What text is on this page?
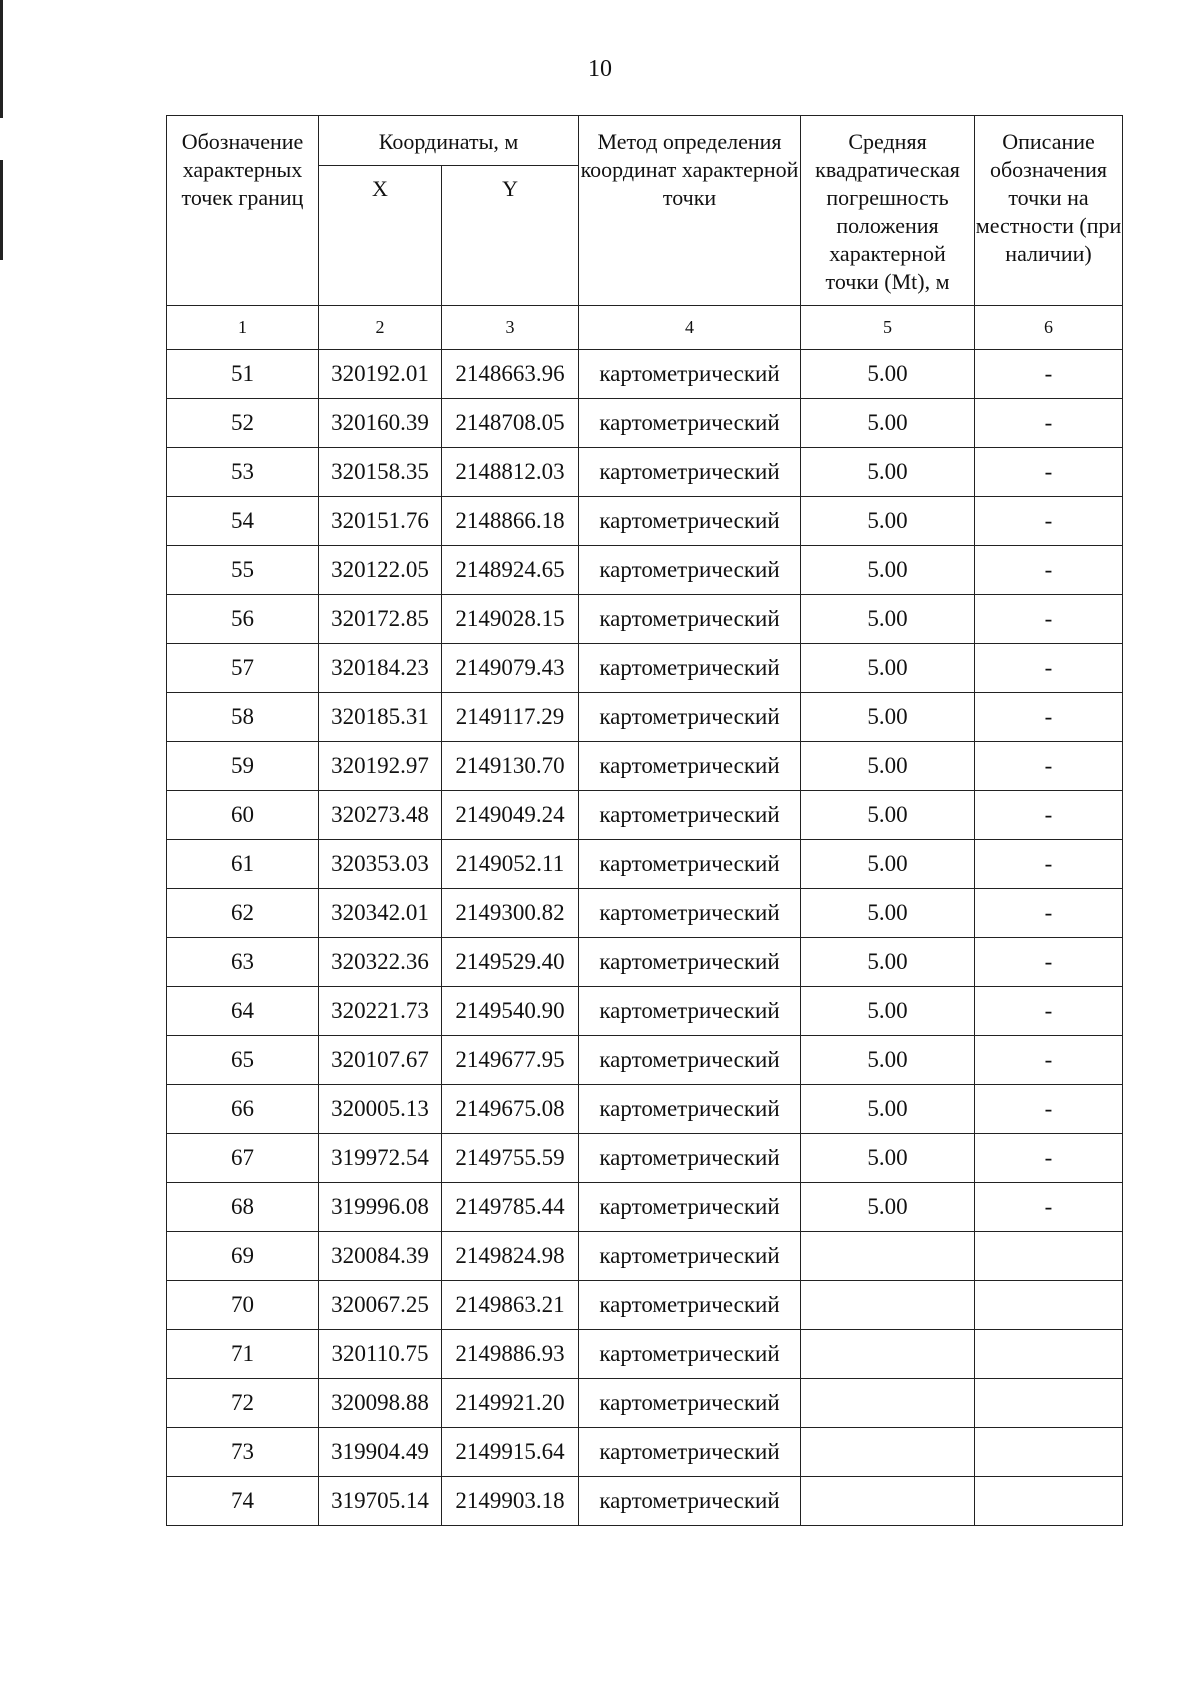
10
Обозначение характерных точек границ	Координаты, м		Метод определения координат характерной точки	Средняя квадратическая погрешность положения характерной точки (Mt), м	Описание обозначения точки на местности (при наличии)
	X	Y			
1	2	3	4	5	6
51	320192.01	2148663.96	картометрический	5.00	-
52	320160.39	2148708.05	картометрический	5.00	-
53	320158.35	2148812.03	картометрический	5.00	-
54	320151.76	2148866.18	картометрический	5.00	-
55	320122.05	2148924.65	картометрический	5.00	-
56	320172.85	2149028.15	картометрический	5.00	-
57	320184.23	2149079.43	картометрический	5.00	-
58	320185.31	2149117.29	картометрический	5.00	-
59	320192.97	2149130.70	картометрический	5.00	-
60	320273.48	2149049.24	картометрический	5.00	-
61	320353.03	2149052.11	картометрический	5.00	-
62	320342.01	2149300.82	картометрический	5.00	-
63	320322.36	2149529.40	картометрический	5.00	-
64	320221.73	2149540.90	картометрический	5.00	-
65	320107.67	2149677.95	картометрический	5.00	-
66	320005.13	2149675.08	картометрический	5.00	-
67	319972.54	2149755.59	картометрический	5.00	-
68	319996.08	2149785.44	картометрический	5.00	-
69	320084.39	2149824.98	картометрический		
70	320067.25	2149863.21	картометрический		
71	320110.75	2149886.93	картометрический		
72	320098.88	2149921.20	картометрический		
73	319904.49	2149915.64	картометрический		
74	319705.14	2149903.18	картометрический		
